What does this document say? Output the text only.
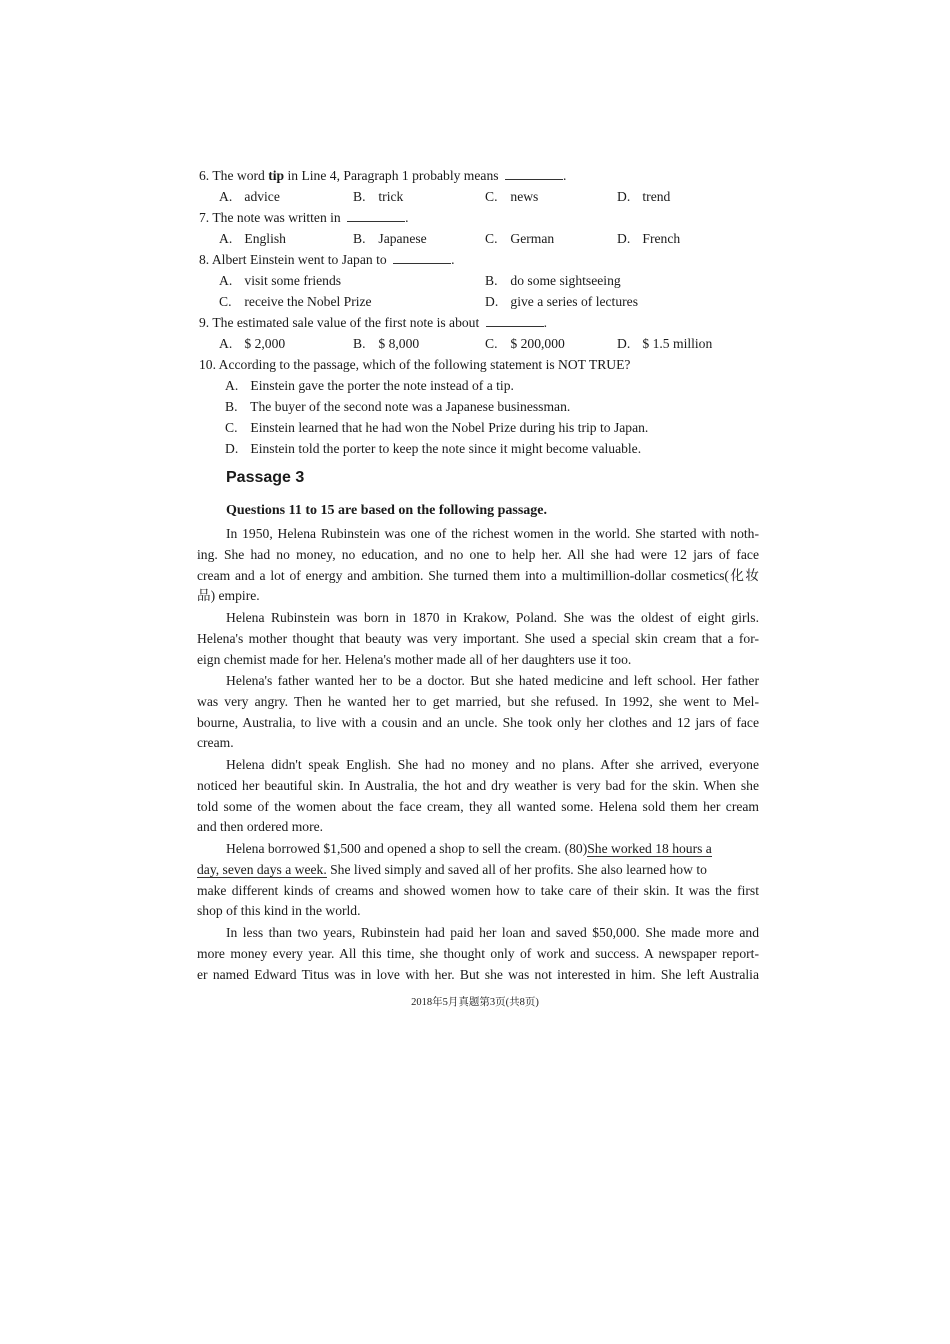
6. The word tip in Line 4, Paragraph 1 probably means	.
A. advice	B. trick	C. news	D. trend
7. The note was written in	.
A. English	B. Japanese	C. German	D. French
8. Albert Einstein went to Japan to	.
A. visit some friends	B. do some sightseeing
C. receive the Nobel Prize	D. give a series of lectures
9. The estimated sale value of the first note is about	.
A. $ 2,000	B. $ 8,000	C. $ 200,000	D. $ 1.5 million
10. According to the passage, which of the following statement is NOT TRUE?
A. Einstein gave the porter the note instead of a tip.
B. The buyer of the second note was a Japanese businessman.
C. Einstein learned that he had won the Nobel Prize during his trip to Japan.
D. Einstein told the porter to keep the note since it might become valuable.
Passage 3
Questions 11 to 15 are based on the following passage.
In 1950, Helena Rubinstein was one of the richest women in the world. She started with noth-
ing. She had no money, no education, and no one to help her. All she had were 12 jars of face
cream and a lot of energy and ambition. She turned them into a multimillion-dollar cosmetics(化妆
品) empire.
Helena Rubinstein was born in 1870 in Krakow, Poland. She was the oldest of eight girls.
Helena's mother thought that beauty was very important. She used a special skin cream that a for-
eign chemist made for her. Helena's mother made all of her daughters use it too.
Helena's father wanted her to be a doctor. But she hated medicine and left school. Her father
was very angry. Then he wanted her to get married, but she refused. In 1992, she went to Mel-
bourne, Australia, to live with a cousin and an uncle. She took only her clothes and 12 jars of face
cream.
Helena didn't speak English. She had no money and no plans. After she arrived, everyone
noticed her beautiful skin. In Australia, the hot and dry weather is very bad for the skin. When she
told some of the women about the face cream, they all wanted some. Helena sold them her cream
and then ordered more.
Helena borrowed $1,500 and opened a shop to sell the cream. (80)She worked 18 hours a
day, seven days a week. She lived simply and saved all of her profits. She also learned how to
make different kinds of creams and showed women how to take care of their skin. It was the first
shop of this kind in the world.
In less than two years, Rubinstein had paid her loan and saved $50,000. She made more and
more money every year. All this time, she thought only of work and success. A newspaper report-
er named Edward Titus was in love with her. But she was not interested in him. She left Australia
2018年5月真题第3页(共8页)
